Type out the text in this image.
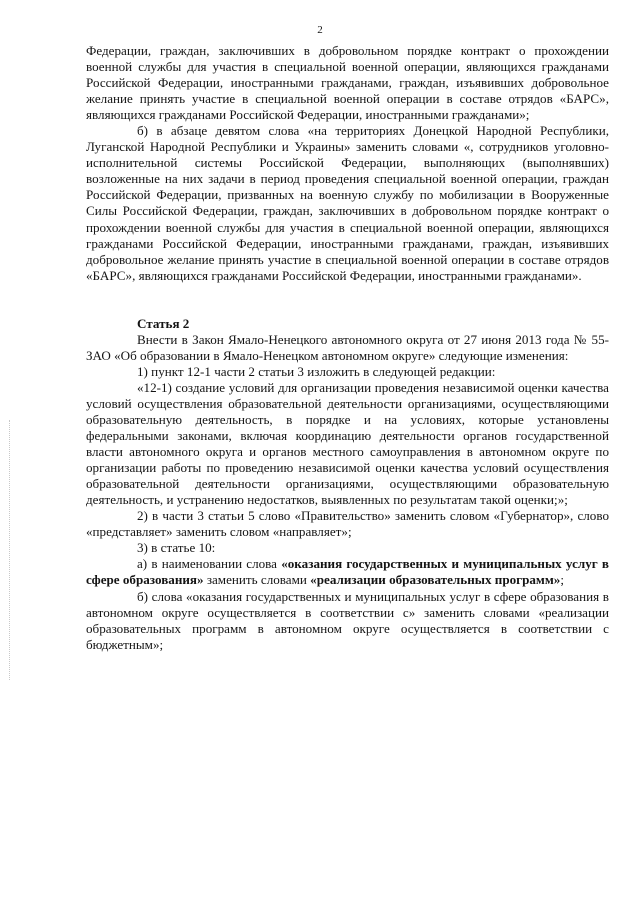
2

Федерации, граждан, заключивших в добровольном порядке контракт о прохождении военной службы для участия в специальной военной операции, являющихся гражданами Российской Федерации, иностранными гражданами, граждан, изъявивших добровольное желание принять участие в специальной военной операции в составе отрядов «БАРС», являющихся гражданами Российской Федерации, иностранными гражданами»;

б) в абзаце девятом слова «на территориях Донецкой Народной Республики, Луганской Народной Республики и Украины» заменить словами «, сотрудников уголовно-исполнительной системы Российской Федерации, выполняющих (выполнявших) возложенные на них задачи в период проведения специальной военной операции, граждан Российской Федерации, призванных на военную службу по мобилизации в Вооруженные Силы Российской Федерации, граждан, заключивших в добровольном порядке контракт о прохождении военной службы для участия в специальной военной операции, являющихся гражданами Российской Федерации, иностранными гражданами, граждан, изъявивших добровольное желание принять участие в специальной военной операции в составе отрядов «БАРС», являющихся гражданами Российской Федерации, иностранными гражданами».

Статья 2

Внести в Закон Ямало-Ненецкого автономного округа от 27 июня 2013 года № 55-ЗАО «Об образовании в Ямало-Ненецком автономном округе» следующие изменения:

1) пункт 12-1 части 2 статьи 3 изложить в следующей редакции:

«12-1) создание условий для организации проведения независимой оценки качества условий осуществления образовательной деятельности организациями, осуществляющими образовательную деятельность, в порядке и на условиях, которые установлены федеральными законами, включая координацию деятельности органов государственной власти автономного округа и органов местного самоуправления в автономном округе по организации работы по проведению независимой оценки качества условий осуществления образовательной деятельности организациями, осуществляющими образовательную деятельность, и устранению недостатков, выявленных по результатам такой оценки;»;

2) в части 3 статьи 5 слово «Правительство» заменить словом «Губернатор», слово «представляет» заменить словом «направляет»;

3) в статье 10:

а) в наименовании слова «оказания государственных и муниципальных услуг в сфере образования» заменить словами «реализации образовательных программ»;

б) слова «оказания государственных и муниципальных услуг в сфере образования в автономном округе осуществляется в соответствии с» заменить словами «реализации образовательных программ в автономном округе осуществляется в соответствии с бюджетным»;
